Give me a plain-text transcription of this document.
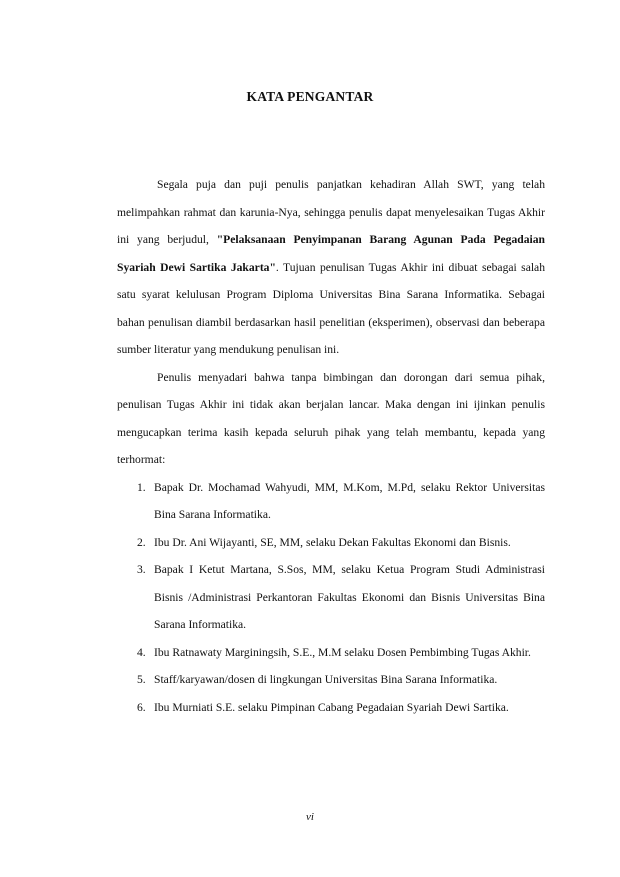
KATA PENGANTAR

Segala puja dan puji penulis panjatkan kehadiran Allah SWT, yang telah melimpahkan rahmat dan karunia-Nya, sehingga penulis dapat menyelesaikan Tugas Akhir ini yang berjudul, "Pelaksanaan Penyimpanan Barang Agunan Pada Pegadaian Syariah Dewi Sartika Jakarta". Tujuan penulisan Tugas Akhir ini dibuat sebagai salah satu syarat kelulusan Program Diploma Universitas Bina Sarana Informatika. Sebagai bahan penulisan diambil berdasarkan hasil penelitian (eksperimen), observasi dan beberapa sumber literatur yang mendukung penulisan ini.

Penulis menyadari bahwa tanpa bimbingan dan dorongan dari semua pihak, penulisan Tugas Akhir ini tidak akan berjalan lancar. Maka dengan ini ijinkan penulis mengucapkan terima kasih kepada seluruh pihak yang telah membantu, kepada yang terhormat:

1. Bapak Dr. Mochamad Wahyudi, MM, M.Kom, M.Pd, selaku Rektor Universitas Bina Sarana Informatika.
2. Ibu Dr. Ani Wijayanti, SE, MM, selaku Dekan Fakultas Ekonomi dan Bisnis.
3. Bapak I Ketut Martana, S.Sos, MM, selaku Ketua Program Studi Administrasi Bisnis /Administrasi Perkantoran Fakultas Ekonomi dan Bisnis Universitas Bina Sarana Informatika.
4. Ibu Ratnawaty Marginingsih, S.E., M.M selaku Dosen Pembimbing Tugas Akhir.
5. Staff/karyawan/dosen di lingkungan Universitas Bina Sarana Informatika.
6. Ibu Murniati S.E. selaku Pimpinan Cabang Pegadaian Syariah Dewi Sartika.
vi
